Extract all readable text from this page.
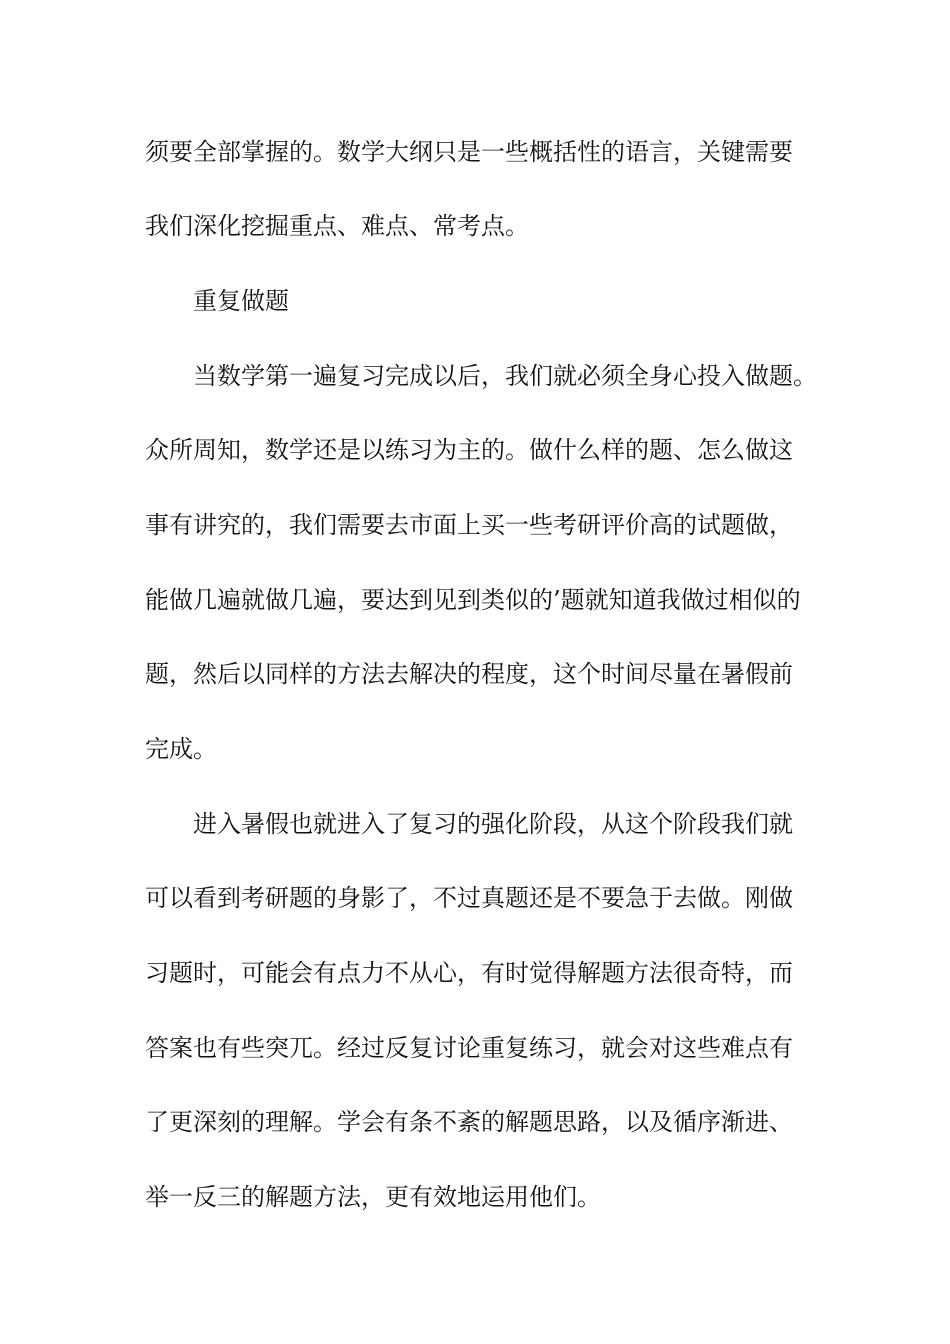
须要全部掌握的。数学大纲只是一些概括性的语言，关键需要
我们深化挖掘重点、难点、常考点。
重复做题
当数学第一遍复习完成以后，我们就必须全身心投入做题。
众所周知，数学还是以练习为主的。做什么样的题、怎么做这
事有讲究的，我们需要去市面上买一些考研评价高的试题做，
能做几遍就做几遍，要达到见到类似的’题就知道我做过相似的
题，然后以同样的方法去解决的程度，这个时间尽量在暑假前
完成。
进入暑假也就进入了复习的强化阶段，从这个阶段我们就
可以看到考研题的身影了，不过真题还是不要急于去做。刚做
习题时，可能会有点力不从心，有时觉得解题方法很奇特，而
答案也有些突兀。经过反复讨论重复练习，就会对这些难点有
了更深刻的理解。学会有条不紊的解题思路，以及循序渐进、
举一反三的解题方法，更有效地运用他们。
